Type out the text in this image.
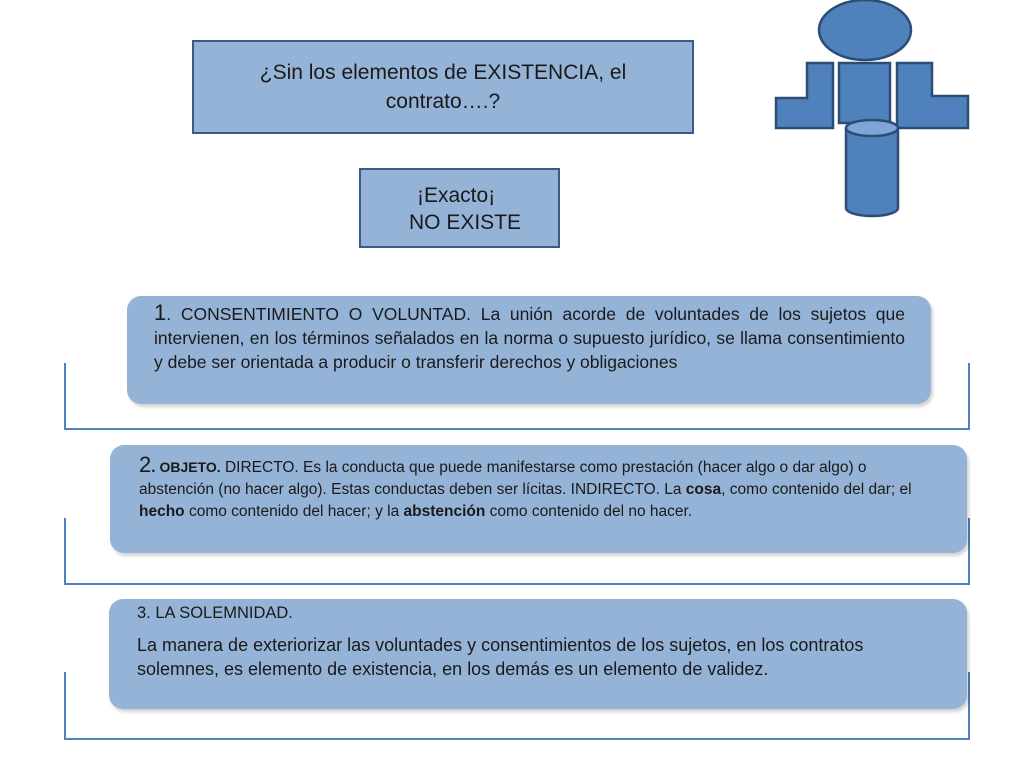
¿Sin los elementos de EXISTENCIA, el contrato….?
¡Exacto¡
NO EXISTE
1. CONSENTIMIENTO O VOLUNTAD. La unión acorde de voluntades de los sujetos que intervienen, en los términos señalados en la norma o supuesto jurídico, se llama consentimiento y debe ser orientada a producir o transferir derechos y obligaciones
2. OBJETO. DIRECTO. Es la conducta que puede manifestarse como prestación (hacer algo o dar algo) o abstención (no hacer algo). Estas conductas deben ser lícitas. INDIRECTO. La cosa, como contenido del dar; el hecho como contenido del hacer; y la abstención como contenido del no hacer.
3. LA SOLEMNIDAD.
La manera de exteriorizar las voluntades y consentimientos de los sujetos, en los contratos solemnes, es elemento de existencia, en los demás es un elemento de validez.
